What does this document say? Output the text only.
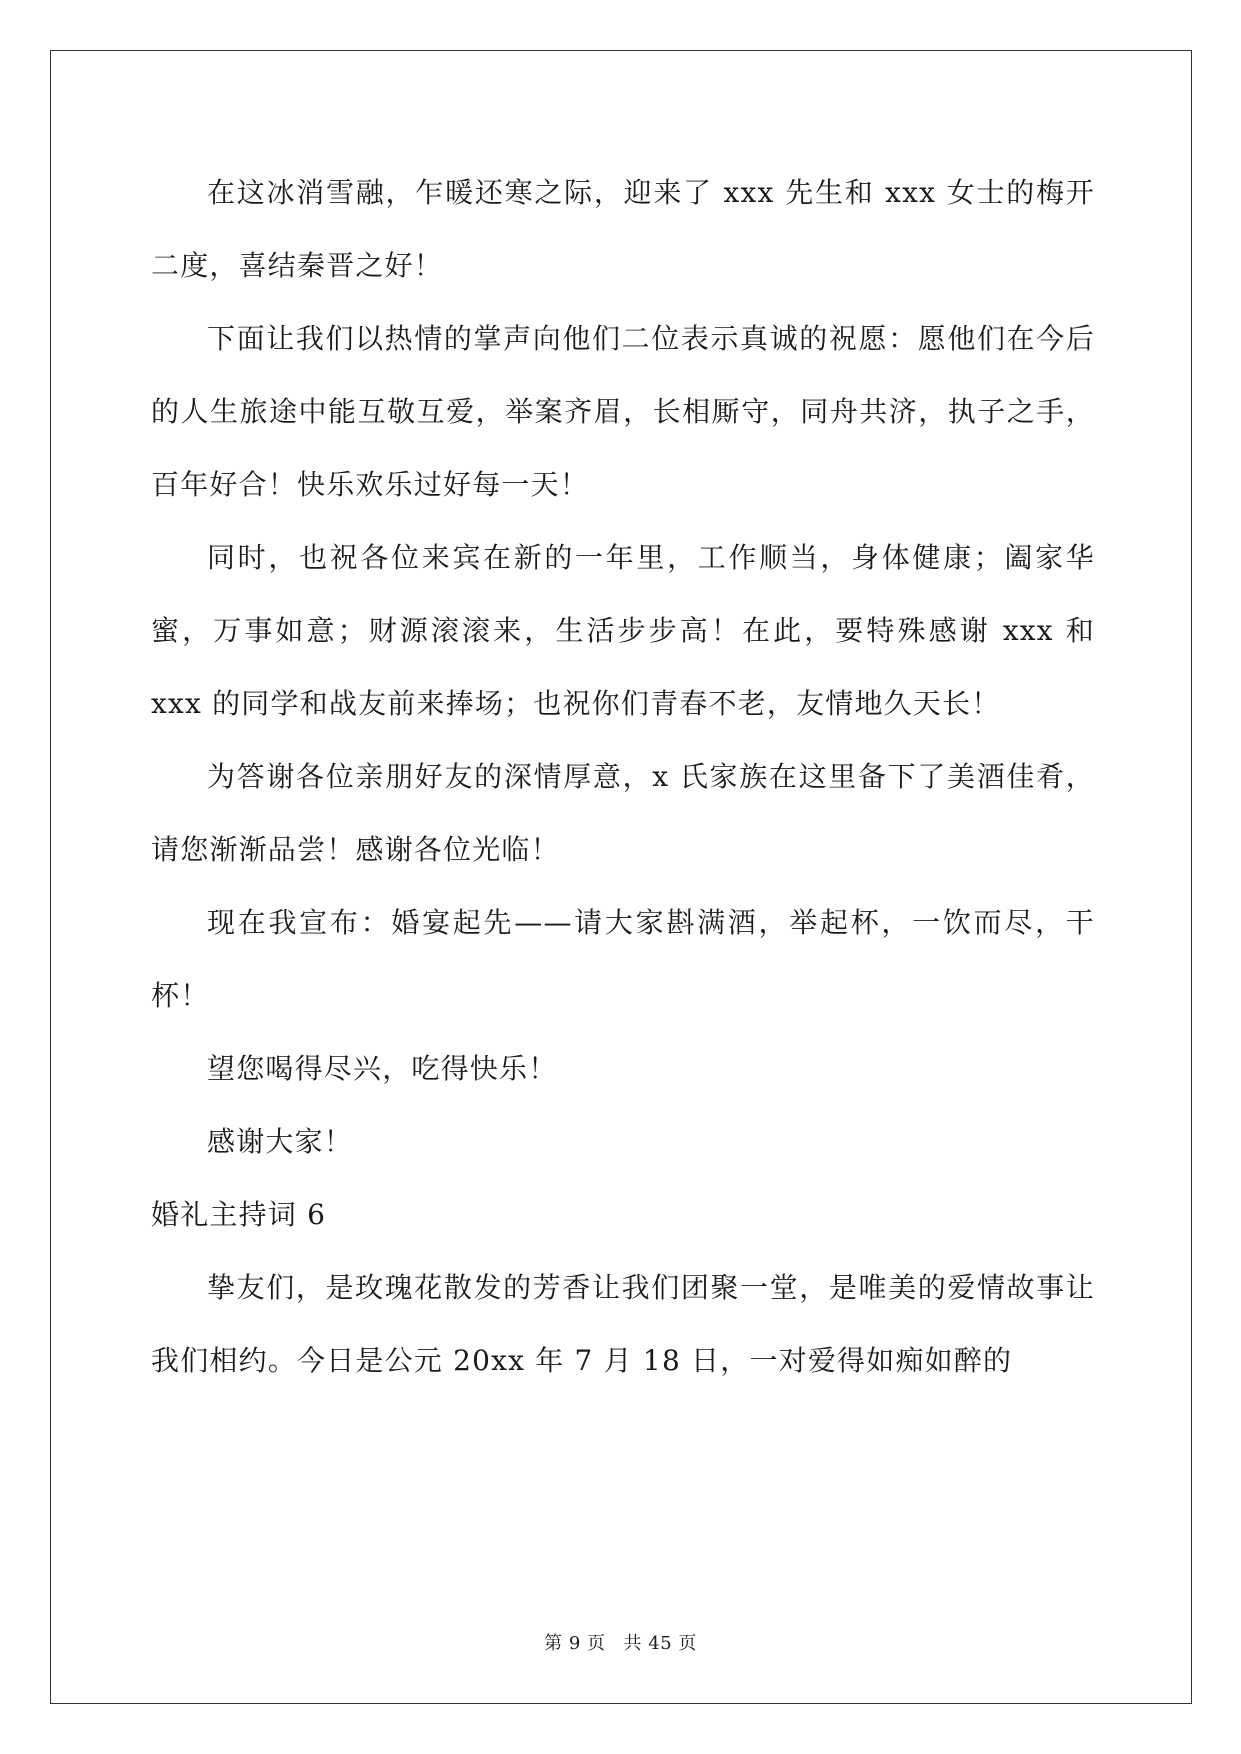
在这冰消雪融，乍暖还寒之际，迎来了 xxx 先生和 xxx 女士的梅开二度，喜结秦晋之好！

下面让我们以热情的掌声向他们二位表示真诚的祝愿：愿他们在今后的人生旅途中能互敬互爱，举案齐眉，长相厮守，同舟共济，执子之手，百年好合！快乐欢乐过好每一天！

同时，也祝各位来宾在新的一年里，工作顺当，身体健康；阖家华蜜，万事如意；财源滚滚来，生活步步高！在此，要特殊感谢 xxx 和 xxx 的同学和战友前来捧场；也祝你们青春不老，友情地久天长！

为答谢各位亲朋好友的深情厚意，x 氏家族在这里备下了美酒佳肴，请您渐渐品尝！感谢各位光临！

现在我宣布：婚宴起先——请大家斟满酒，举起杯，一饮而尽，干杯！

望您喝得尽兴，吃得快乐！

感谢大家！

婚礼主持词 6

挚友们，是玫瑰花散发的芳香让我们团聚一堂，是唯美的爱情故事让我们相约。今日是公元 20xx 年 7 月 18 日，一对爱得如痴如醉的

第 9 页 共 45 页
